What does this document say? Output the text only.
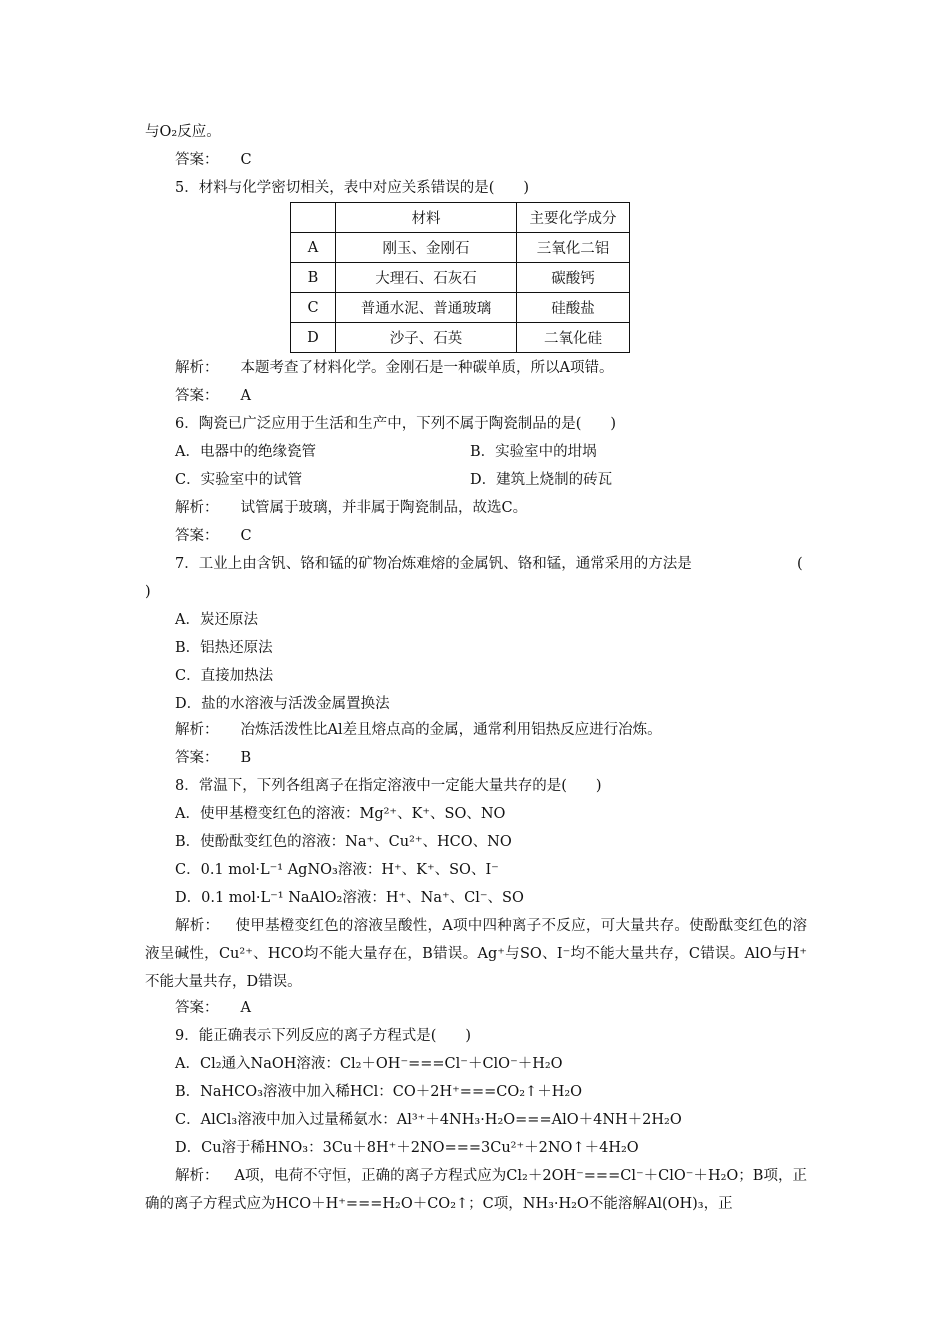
与O₂反应。
答案： C
5．材料与化学密切相关，表中对应关系错误的是(　　)
	材料	主要化学成分
A	刚玉、金刚石	三氧化二铝
B	大理石、石灰石	碳酸钙
C	普通水泥、普通玻璃	硅酸盐
D	沙子、石英	二氧化硅
解析： 本题考查了材料化学。金刚石是一种碳单质，所以A项错。
答案： A
6．陶瓷已广泛应用于生活和生产中，下列不属于陶瓷制品的是(　　)
A．电器中的绝缘瓷管	B．实验室中的坩埚
C．实验室中的试管	D．建筑上烧制的砖瓦
解析： 试管属于玻璃，并非属于陶瓷制品，故选C。
答案： C
7．工业上由含钒、铬和锰的矿物冶炼难熔的金属钒、铬和锰，通常采用的方法是	(
)
A．炭还原法
B．铝热还原法
C．直接加热法
D．盐的水溶液与活泼金属置换法
解析： 冶炼活泼性比Al差且熔点高的金属，通常利用铝热反应进行冶炼。
答案： B
8．常温下，下列各组离子在指定溶液中一定能大量共存的是(　　)
A．使甲基橙变红色的溶液：Mg²⁺、K⁺、SO、NO
B．使酚酞变红色的溶液：Na⁺、Cu²⁺、HCO、NO
C．0.1 mol·L⁻¹ AgNO₃溶液：H⁺、K⁺、SO、I⁻
D．0.1 mol·L⁻¹ NaAlO₂溶液：H⁺、Na⁺、Cl⁻、SO
解析： 使甲基橙变红色的溶液呈酸性，A项中四种离子不反应，可大量共存。使酚酞变红色的溶液呈碱性，Cu²⁺、HCO均不能大量存在，B错误。Ag⁺与SO、I⁻均不能大量共存，C错误。AlO与H⁺不能大量共存，D错误。
答案： A
9．能正确表示下列反应的离子方程式是(　　)
A．Cl₂通入NaOH溶液：Cl₂＋OH⁻===Cl⁻＋ClO⁻＋H₂O
B．NaHCO₃溶液中加入稀HCl：CO＋2H⁺===CO₂↑＋H₂O
C．AlCl₃溶液中加入过量稀氨水：Al³⁺＋4NH₃·H₂O===AlO＋4NH＋2H₂O
D．Cu溶于稀HNO₃：3Cu＋8H⁺＋2NO===3Cu²⁺＋2NO↑＋4H₂O
解析： A项，电荷不守恒，正确的离子方程式应为Cl₂＋2OH⁻===Cl⁻＋ClO⁻＋H₂O；B项，正确的离子方程式应为HCO＋H⁺===H₂O＋CO₂↑；C项，NH₃·H₂O不能溶解Al(OH)₃，正
